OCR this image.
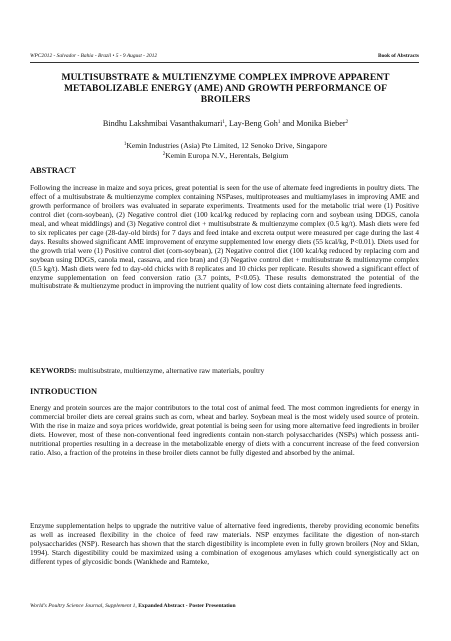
WPC2012 - Salvador - Bahia - Brazil • 5 - 9 August - 2012	Book of Abstracts
MULTISUBSTRATE & MULTIENZYME COMPLEX IMPROVE APPARENT METABOLIZABLE ENERGY (AME) AND GROWTH PERFORMANCE OF BROILERS
Bindhu Lakshmibai Vasanthakumari$^1$, Lay-Beng Goh$^1$ and Monika Bieber$^2$
$^1$Kemin Industries (Asia) Pte Limited, 12 Senoko Drive, Singapore
$^2$Kemin Europa N.V., Herentals, Belgium
ABSTRACT

Following the increase in maize and soya prices, great potential is seen for the use of alternate feed ingredients in poultry diets. The effect of a multisubstrate & multienzyme complex containing NSPases, multiproteases and multiamylases in improving AME and growth performance of broilers was evaluated in separate experiments. Treatments used for the metabolic trial were (1) Positive control diet (corn-soybean), (2) Negative control diet (100 kcal/kg reduced by replacing corn and soybean using DDGS, canola meal, and wheat middlings) and (3) Negative control diet + multisubstrate & multienzyme complex (0.5 kg/t). Mash diets were fed to six replicates per cage (28-day-old birds) for 7 days and feed intake and excreta output were measured per cage during the last 4 days. Results showed significant AME improvement of enzyme supplemented low energy diets (55 kcal/kg, P<0.01). Diets used for the growth trial were (1) Positive control diet (corn-soybean), (2) Negative control diet (100 kcal/kg reduced by replacing corn and soybean using DDGS, canola meal, cassava, and rice bran) and (3) Negative control diet + multisubstrate & multienzyme complex (0.5 kg/t). Mash diets were fed to day-old chicks with 8 replicates and 10 chicks per replicate. Results showed a significant effect of enzyme supplementation on feed conversion ratio (3.7 points, P<0.05). These results demonstrated the potential of the multisubstrate & multienzyme product in improving the nutrient quality of low cost diets containing alternate feed ingredients.

KEYWORDS: multisubstrate, multienzyme, alternative raw materials, poultry
INTRODUCTION

Energy and protein sources are the major contributors to the total cost of animal feed. The most common ingredients for energy in commercial broiler diets are cereal grains such as corn, wheat and barley. Soybean meal is the most widely used source of protein. With the rise in maize and soya prices worldwide, great potential is being seen for using more alternative feed ingredients in broiler diets. However, most of these non-conventional feed ingredients contain non-starch polysaccharides (NSPs) which possess anti-nutritional properties resulting in a decrease in the metabolizable energy of diets with a concurrent increase of the feed conversion ratio. Also, a fraction of the proteins in these broiler diets cannot be fully digested and absorbed by the animal.

Enzyme supplementation helps to upgrade the nutritive value of alternative feed ingredients, thereby providing economic benefits as well as increased flexibility in the choice of feed raw materials. NSP enzymes facilitate the digestion of non-starch polysaccharides (NSP). Research has shown that the starch digestibility is incomplete even in fully grown broilers (Noy and Sklan, 1994). Starch digestibility could be maximized using a combination of exogenous amylases which could synergistically act on different types of glycosidic bonds (Wankhede and Ramteke,

World's Poultry Science Journal, Supplement 1, Expanded Abstract - Poster Presentation
